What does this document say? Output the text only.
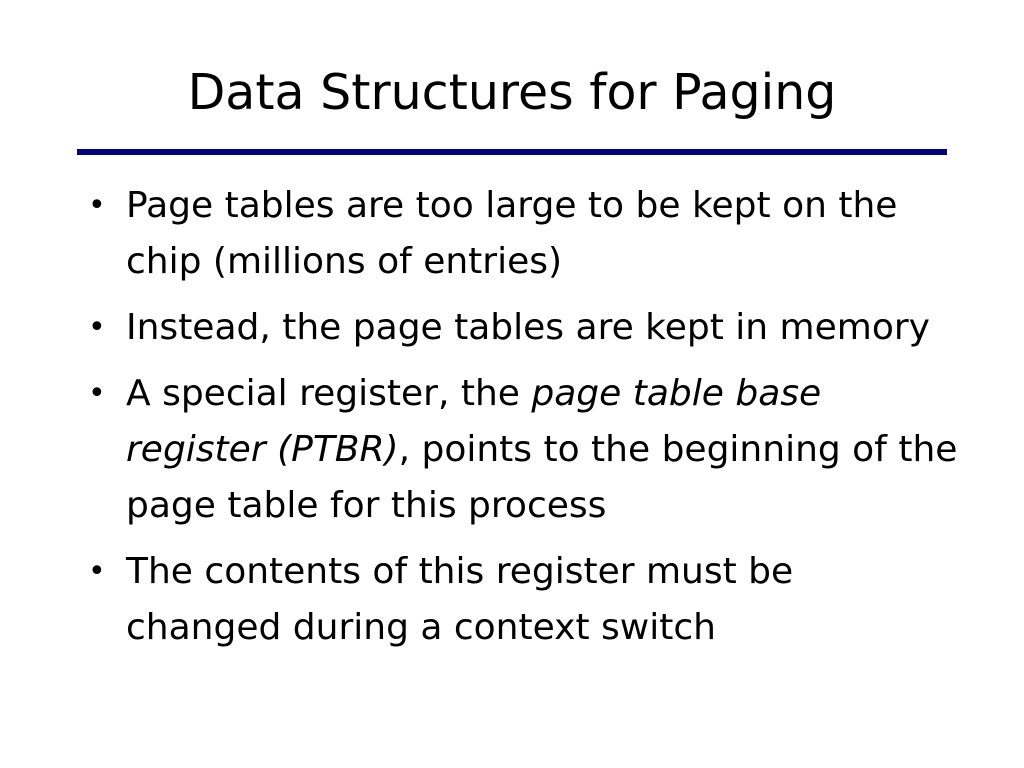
Data Structures for Paging
• Page tables are too large to be kept on the chip (millions of entries)
• Instead, the page tables are kept in memory
• A special register, the page table base register (PTBR), points to the beginning of the page table for this process
• The contents of this register must be changed during a context switch
